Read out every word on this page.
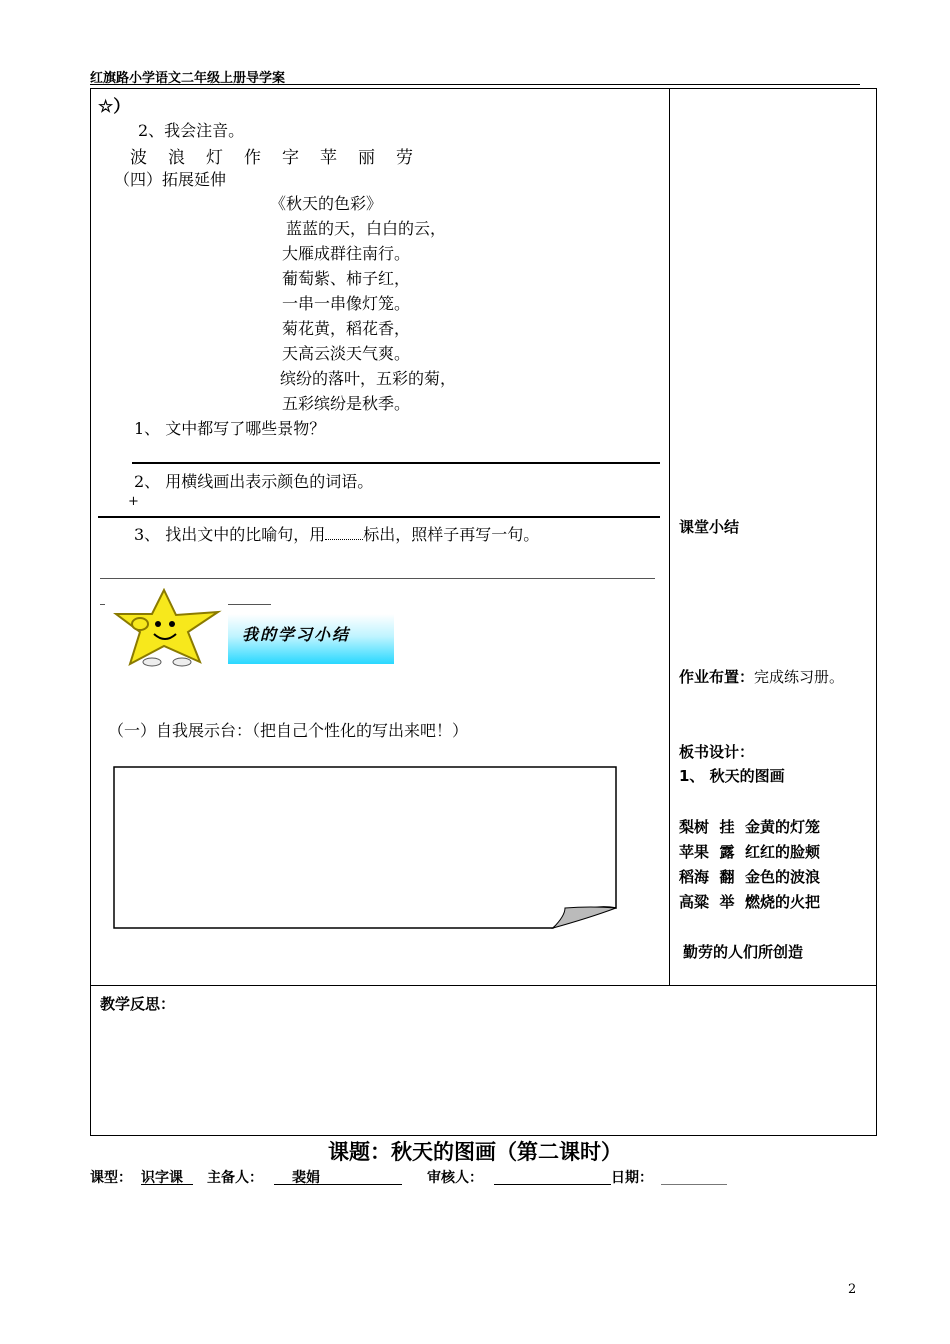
红旗路小学语文二年级上册导学案
☆）
2、我会注音。
波 浪 灯 作 字 苹 丽 劳
（四）拓展延伸
《秋天的色彩》
蓝蓝的天，白白的云，
大雁成群往南行。
葡萄紫、柿子红，
一串一串像灯笼。
菊花黄，稻花香，
天高云淡天气爽。
缤纷的落叶，五彩的菊，
五彩缤纷是秋季。
1、 文中都写了哪些景物？
2、 用横线画出表示颜色的词语。
+
3、 找出文中的比喻句，用 标出，照样子再写一句。
我的学习小结
（一）自我展示台：（把自己个性化的写出来吧！）
课堂小结
作业布置：完成练习册。
板书设计：
1、 秋天的图画
梨树 挂 金黄的灯笼
苹果 露 红红的脸颊
稻海 翻 金色的波浪
高粱 举 燃烧的火把
勤劳的人们所创造
教学反思：
课题：秋天的图画（第二课时）
课型： 识字课 主备人： 裴娟	审核人：	日期：
2
